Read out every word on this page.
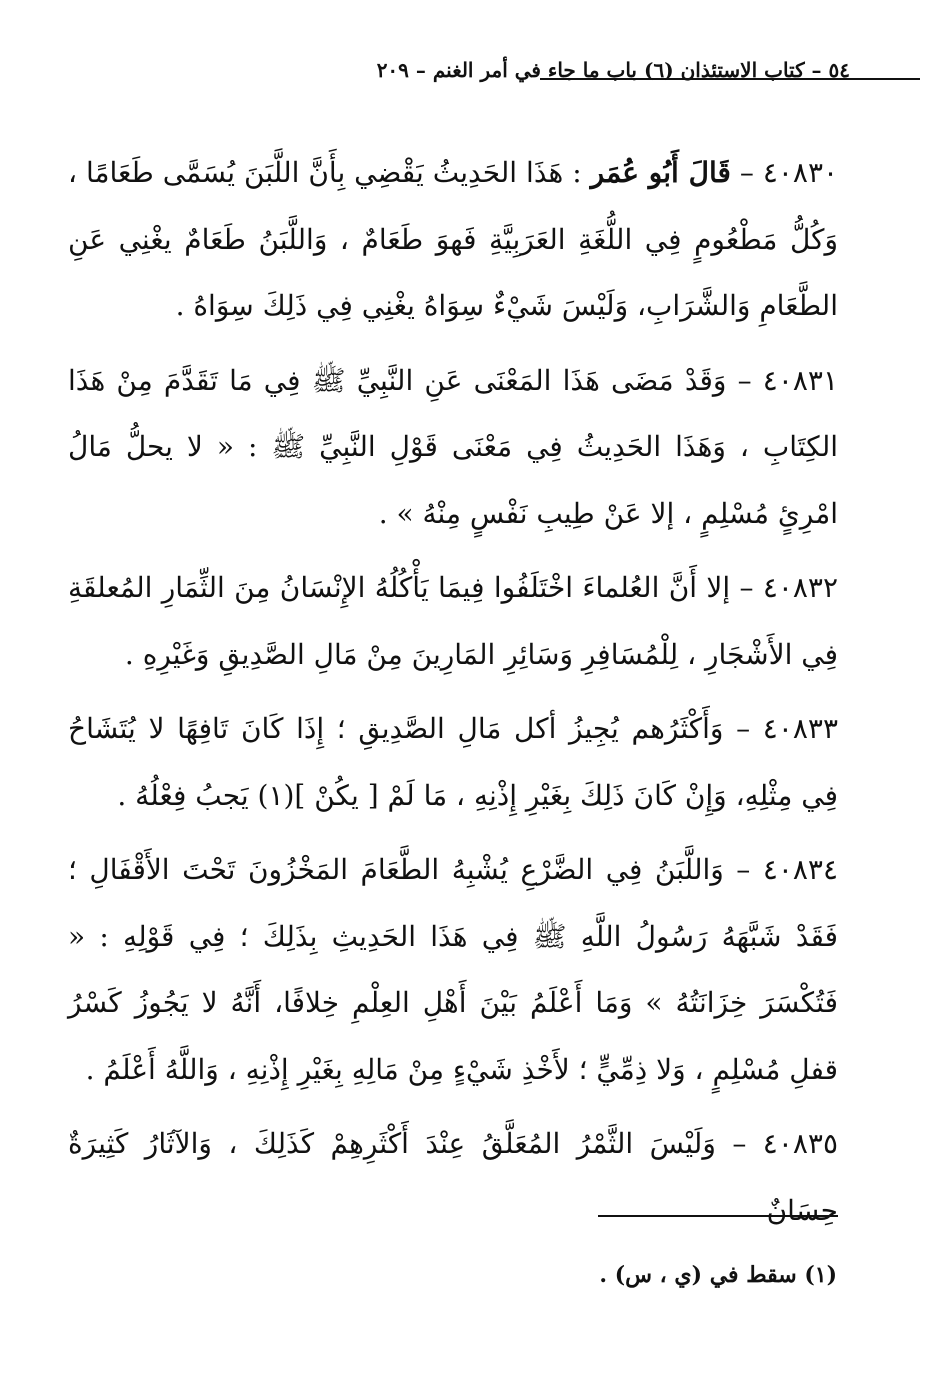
٥٤ – كتاب الاستئذان (٦) باب ما جاء في أمر الغنم – ٢٠٩

٤٠٨٣٠ – قَالَ أَبُو عُمَر : هَذَا الحَدِيثُ يَقْضِي بِأَنَّ اللَّبَنَ يُسَمَّى طَعَامًا ، وَكُلُّ مَطْعُومٍ فِي اللُّغَةِ العَرَبِيَّةِ فَهوَ طَعَامٌ ، وَاللَّبَنُ طَعَامٌ يغْنِي عَنِ الطَّعَامِ وَالشَّرَابِ، وَلَيْسَ شَيْءٌ سِوَاهُ يغْنِي فِي ذَلِكَ سِوَاهُ .

٤٠٨٣١ – وَقَدْ مَضَى هَذَا المَعْنَى عَنِ النَّبِيِّ ﷺ فِي مَا تَقَدَّمَ مِنْ هَذَا الكِتَابِ ، وَهَذَا الحَدِيثُ فِي مَعْنَى قَوْلِ النَّبِيِّ ﷺ : « لا يحلُّ مَالُ امْرِئٍ مُسْلِمٍ ، إلا عَنْ طِيبِ نَفْسٍ مِنْهُ » .

٤٠٨٣٢ – إلا أَنَّ العُلماءَ اخْتَلَفُوا فِيمَا يَأْكُلُهُ الإِنْسَانُ مِنَ الثِّمَارِ المُعلقَةِ فِي الأَشْجَارِ ، لِلْمُسَافِرِ وَسَائِرِ المَارِينَ مِنْ مَالِ الصَّدِيقِ وَغَيْرِهِ .

٤٠٨٣٣ – وَأَكْثَرُهم يُجِيزُ أكل مَالِ الصَّدِيقِ ؛ إِذَا كَانَ تَافِهًا لا يُتَشَاحُ فِي مِثْلِهِ، وَإِنْ كَانَ ذَلِكَ بِغَيْرِ إِذْنِهِ ، مَا لَمْ [ يكُنْ ](١) يَجبُ فِعْلُهُ .

٤٠٨٣٤ – وَاللَّبَنُ فِي الضَّرْعِ يُشْبِهُ الطَّعَامَ المَخْزُونَ تَحْتَ الأَقْفَالِ ؛ فَقَدْ شَبَّهَهُ رَسُولُ اللَّهِ ﷺ فِي هَذَا الحَدِيثِ بِذَلِكَ ؛ فِي قَوْلِهِ : « فَتُكْسَرَ خِزَانَتُهُ » وَمَا أَعْلَمُ بَيْنَ أَهْلِ العِلْمِ خِلافًا، أَنَّهُ لا يَجُوزُ كَسْرُ قفلِ مُسْلِمٍ ، وَلا ذِمِّيٍّ ؛ لأَخْذِ شَيْءٍ مِنْ مَالِهِ بِغَيْرِ إِذْنِهِ ، وَاللَّهُ أَعْلَمُ .

٤٠٨٣٥ – وَلَيْسَ الثَّمْرُ المُعَلَّقُ عِنْدَ أَكْثَرِهِمْ كَذَلِكَ ، وَالآثَارُ كَثِيرَةٌ حِسَانٌ

(١) سقط في (ي ، س) .
